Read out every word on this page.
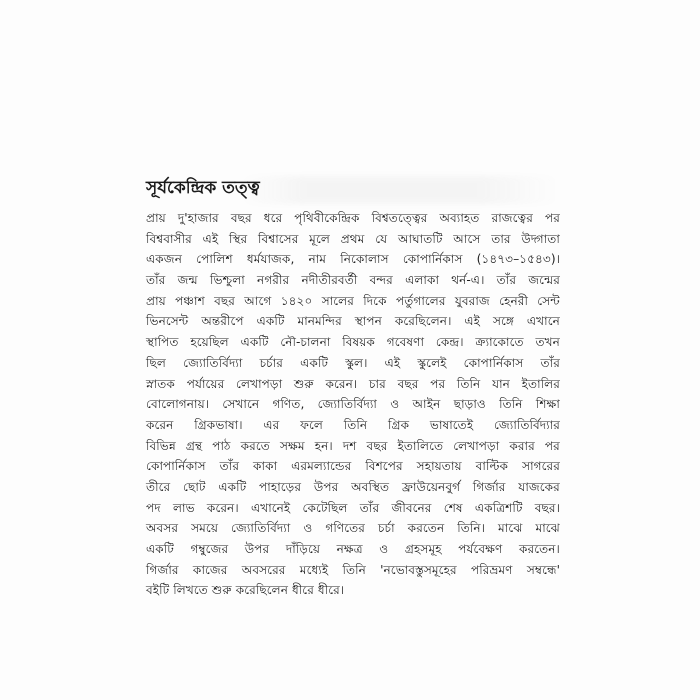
সূর্যকেন্দ্রিক তত্ত্ব
প্রায় দু'হাজার বছর ধরে পৃথিবীকেন্দ্রিক বিশ্বতত্ত্বের অব্যাহত রাজত্বের পর
বিশ্ববাসীর এই স্থির বিশ্বাসের মূলে প্রথম যে আঘাতটি আসে তার উদ্গাতা
একজন পোলিশ ধর্মযাজক, নাম নিকোলাস কোপার্নিকাস (১৪৭৩–১৫৪৩)।
তাঁর জন্ম ভিশ্চুলা নগরীর নদীতীরবর্তী বন্দর এলাকা থর্ন-এ। তাঁর জন্মের
প্রায় পঞ্চাশ বছর আগে ১৪২০ সালের দিকে পর্তুগালের যুবরাজ হেনরী সেন্ট
ভিনসেন্ট অন্তরীপে একটি মানমন্দির স্থাপন করেছিলেন। এই সঙ্গে এখানে
স্থাপিত হয়েছিল একটি নৌ-চালনা বিষয়ক গবেষণা কেন্দ্র। ক্র্যাকোতে তখন
ছিল জ্যোতির্বিদ্যা চর্চার একটি স্কুল। এই স্কুলেই কোপার্নিকাস তাঁর
স্নাতক পর্যায়ের লেখাপড়া শুরু করেন। চার বছর পর তিনি যান ইতালির
বোলোগনায়। সেখানে গণিত, জ্যোতির্বিদ্যা ও আইন ছাড়াও তিনি শিক্ষা
করেন গ্রিকভাষা। এর ফলে তিনি গ্রিক ভাষাতেই জ্যোতির্বিদ্যার
বিভিন্ন গ্রন্থ পাঠ করতে সক্ষম হন। দশ বছর ইতালিতে লেখাপড়া করার পর
কোপার্নিকাস তাঁর কাকা এরমল্যান্ডের বিশপের সহায়তায় বাল্টিক সাগরের
তীরে ছোট একটি পাহাড়ের উপর অবস্থিত ফ্রাউয়েনবুর্গ গির্জার যাজকের
পদ লাভ করেন। এখানেই কেটেছিল তাঁর জীবনের শেষ একত্রিশটি বছর।
অবসর সময়ে জ্যোতির্বিদ্যা ও গণিতের চর্চা করতেন তিনি। মাঝে মাঝে
একটি গম্বুজের উপর দাঁড়িয়ে নক্ষত্র ও গ্রহসমূহ পর্যবেক্ষণ করতেন।
গির্জার কাজের অবসরের মধ্যেই তিনি 'নভোবস্তুসমূহের পরিভ্রমণ সম্বন্ধে'
বইটি লিখতে শুরু করেছিলেন ধীরে ধীরে।
